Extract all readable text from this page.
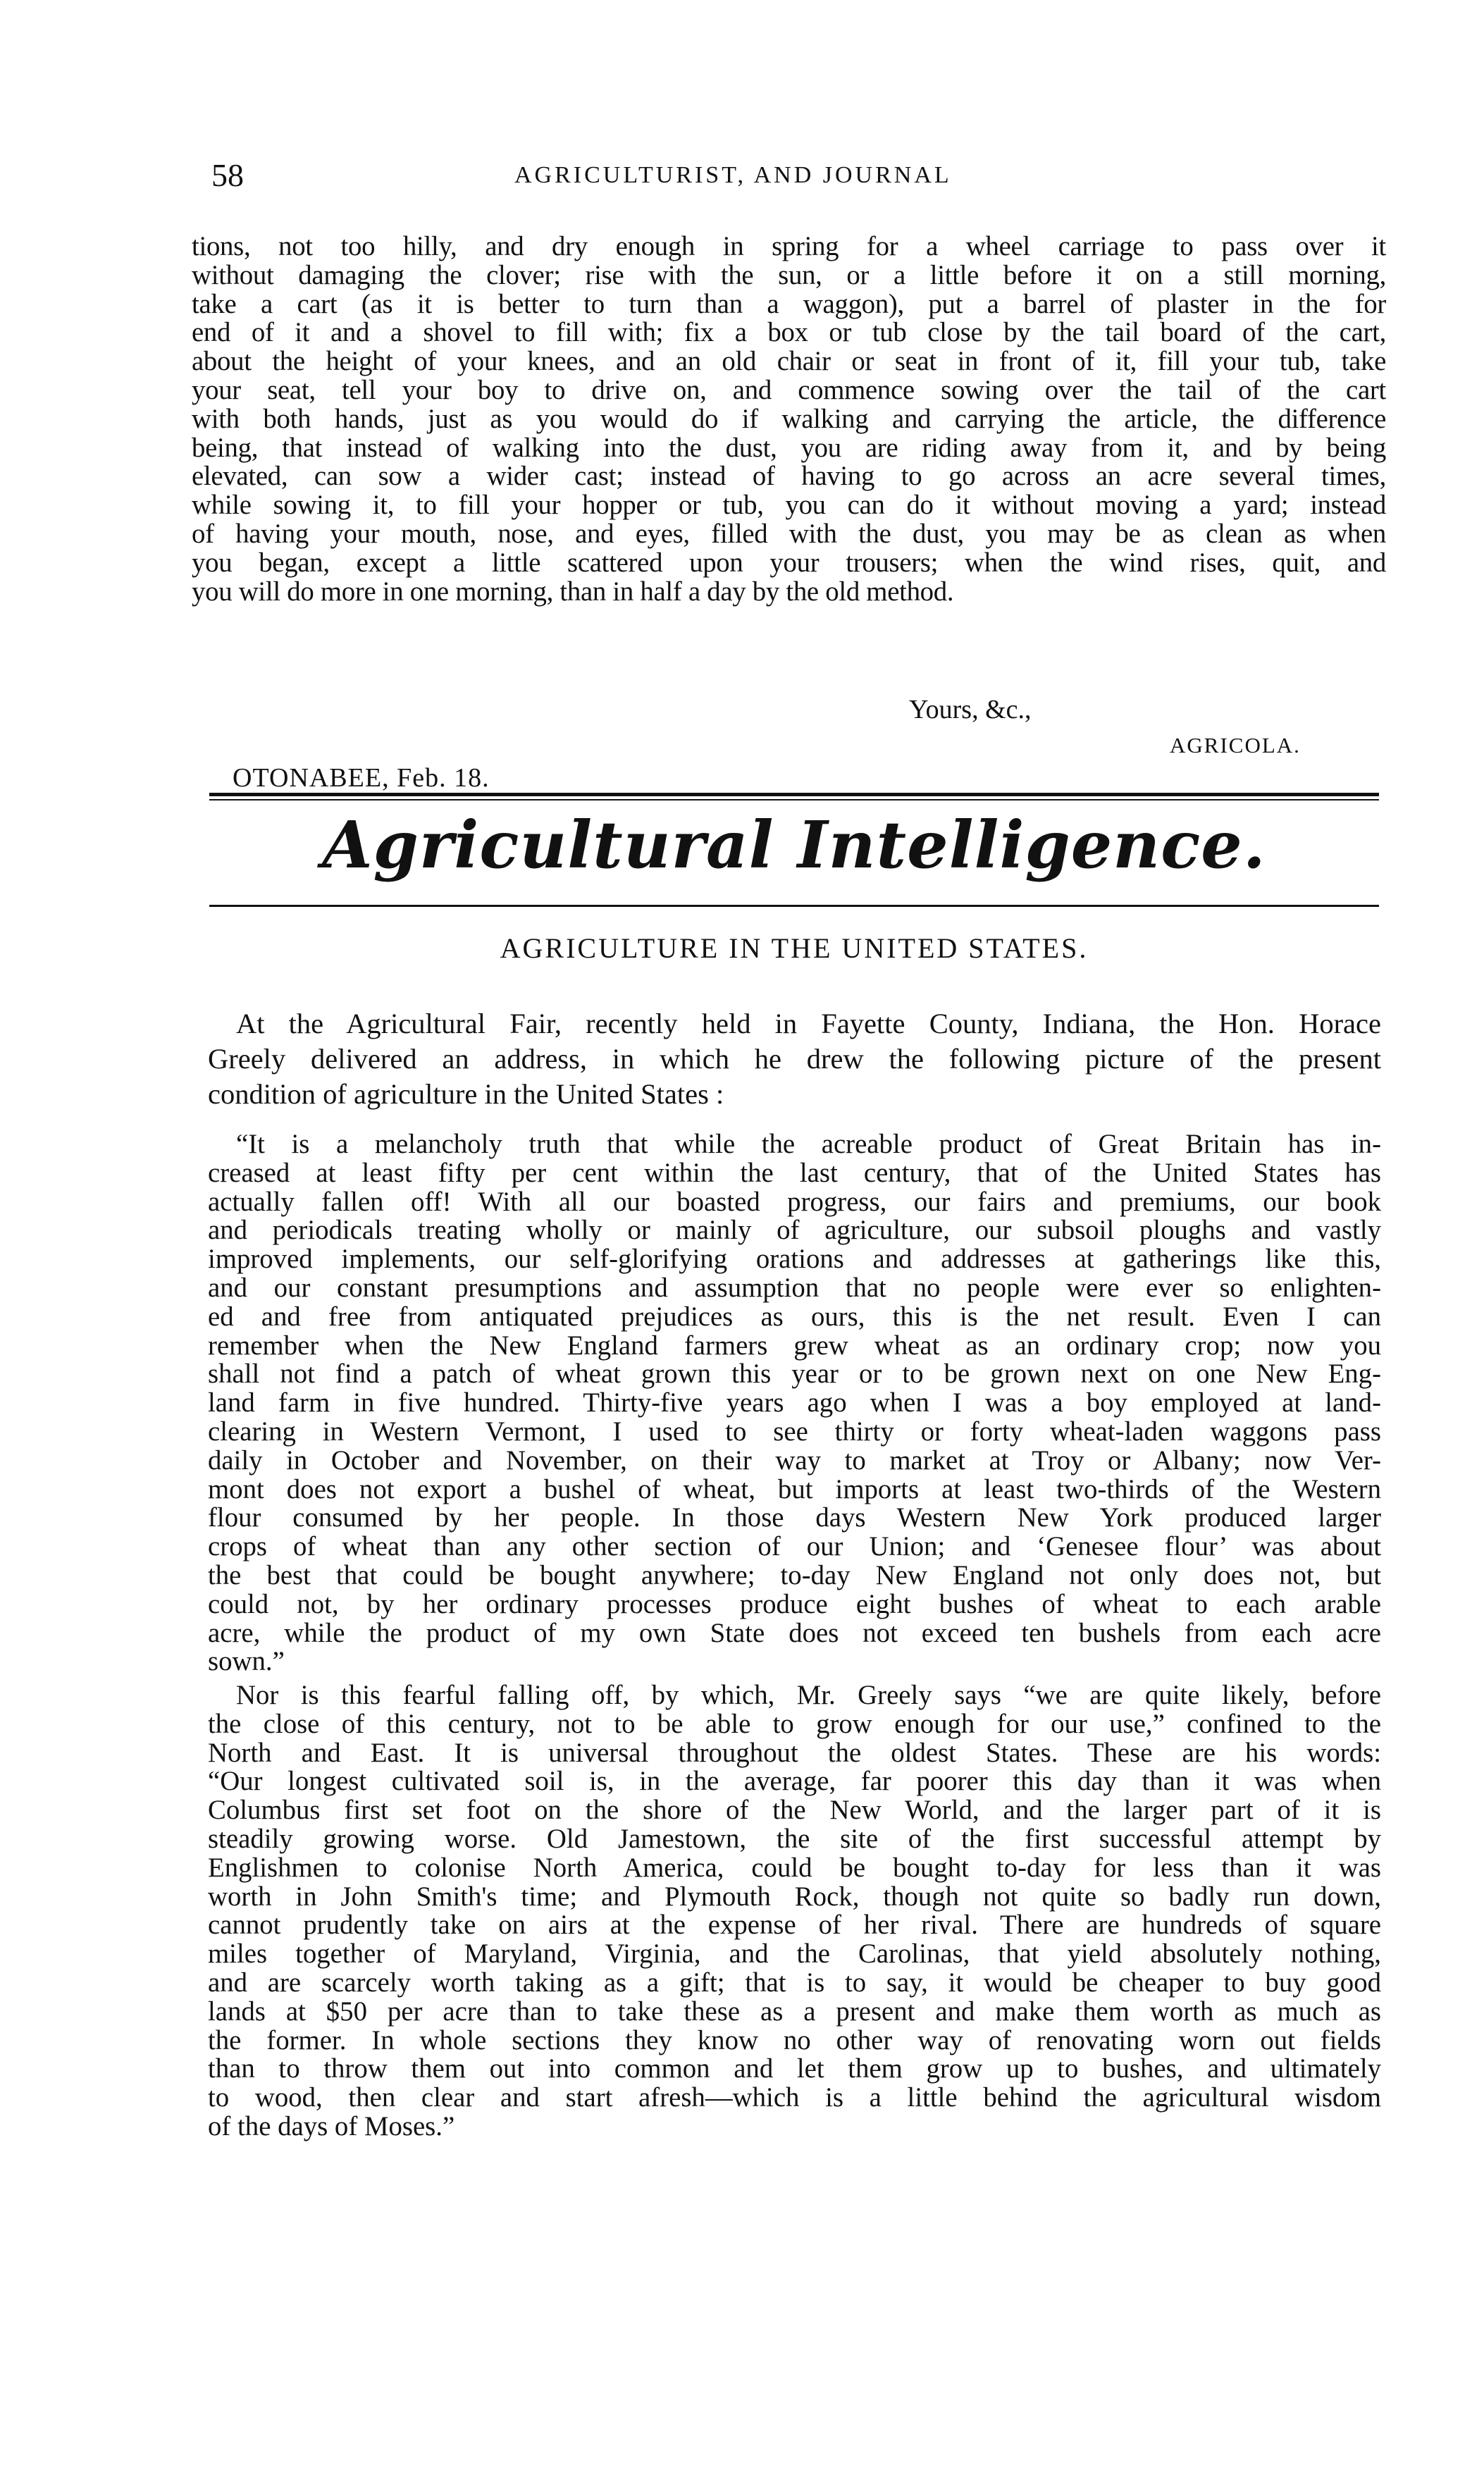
58	AGRICULTURIST, AND JOURNAL
tions, not too hilly, and dry enough in spring for a wheel carriage to pass over it
without damaging the clover; rise with the sun, or a little before it on a still morning,
take a cart (as it is better to turn than a waggon), put a barrel of plaster in the for
end of it and a shovel to fill with; fix a box or tub close by the tail board of the cart,
about the height of your knees, and an old chair or seat in front of it, fill your tub, take
your seat, tell your boy to drive on, and commence sowing over the tail of the cart
with both hands, just as you would do if walking and carrying the article, the difference
being, that instead of walking into the dust, you are riding away from it, and by being
elevated, can sow a wider cast; instead of having to go across an acre several times,
while sowing it, to fill your hopper or tub, you can do it without moving a yard; instead
of having your mouth, nose, and eyes, filled with the dust, you may be as clean as when
you began, except a little scattered upon your trousers; when the wind rises, quit, and
you will do more in one morning, than in half a day by the old method.
Yours, &c.,
AGRICOLA.
OTONABEE, Feb. 18.
Agricultural Intelligence.
AGRICULTURE IN THE UNITED STATES.
At the Agricultural Fair, recently held in Fayette County, Indiana, the Hon. Horace
Greely delivered an address, in which he drew the following picture of the present
condition of agriculture in the United States :
“It is a melancholy truth that while the acreable product of Great Britain has in-
creased at least fifty per cent within the last century, that of the United States has
actually fallen off! With all our boasted progress, our fairs and premiums, our book
and periodicals treating wholly or mainly of agriculture, our subsoil ploughs and vastly
improved implements, our self-glorifying orations and addresses at gatherings like this,
and our constant presumptions and assumption that no people were ever so enlighten-
ed and free from antiquated prejudices as ours, this is the net result. Even I can
remember when the New England farmers grew wheat as an ordinary crop; now you
shall not find a patch of wheat grown this year or to be grown next on one New Eng-
land farm in five hundred. Thirty-five years ago when I was a boy employed at land-
clearing in Western Vermont, I used to see thirty or forty wheat-laden waggons pass
daily in October and November, on their way to market at Troy or Albany; now Ver-
mont does not export a bushel of wheat, but imports at least two-thirds of the Western
flour consumed by her people. In those days Western New York produced larger
crops of wheat than any other section of our Union; and ‘Genesee flour’ was about
the best that could be bought anywhere; to-day New England not only does not, but
could not, by her ordinary processes produce eight bushes of wheat to each arable
acre, while the product of my own State does not exceed ten bushels from each acre
sown.”
Nor is this fearful falling off, by which, Mr. Greely says “we are quite likely, before
the close of this century, not to be able to grow enough for our use,” confined to the
North and East. It is universal throughout the oldest States. These are his words:
“Our longest cultivated soil is, in the average, far poorer this day than it was when
Columbus first set foot on the shore of the New World, and the larger part of it is
steadily growing worse. Old Jamestown, the site of the first successful attempt by
Englishmen to colonise North America, could be bought to-day for less than it was
worth in John Smith's time; and Plymouth Rock, though not quite so badly run down,
cannot prudently take on airs at the expense of her rival. There are hundreds of square
miles together of Maryland, Virginia, and the Carolinas, that yield absolutely nothing,
and are scarcely worth taking as a gift; that is to say, it would be cheaper to buy good
lands at $50 per acre than to take these as a present and make them worth as much as
the former. In whole sections they know no other way of renovating worn out fields
than to throw them out into common and let them grow up to bushes, and ultimately
to wood, then clear and start afresh—which is a little behind the agricultural wisdom
of the days of Moses.”
